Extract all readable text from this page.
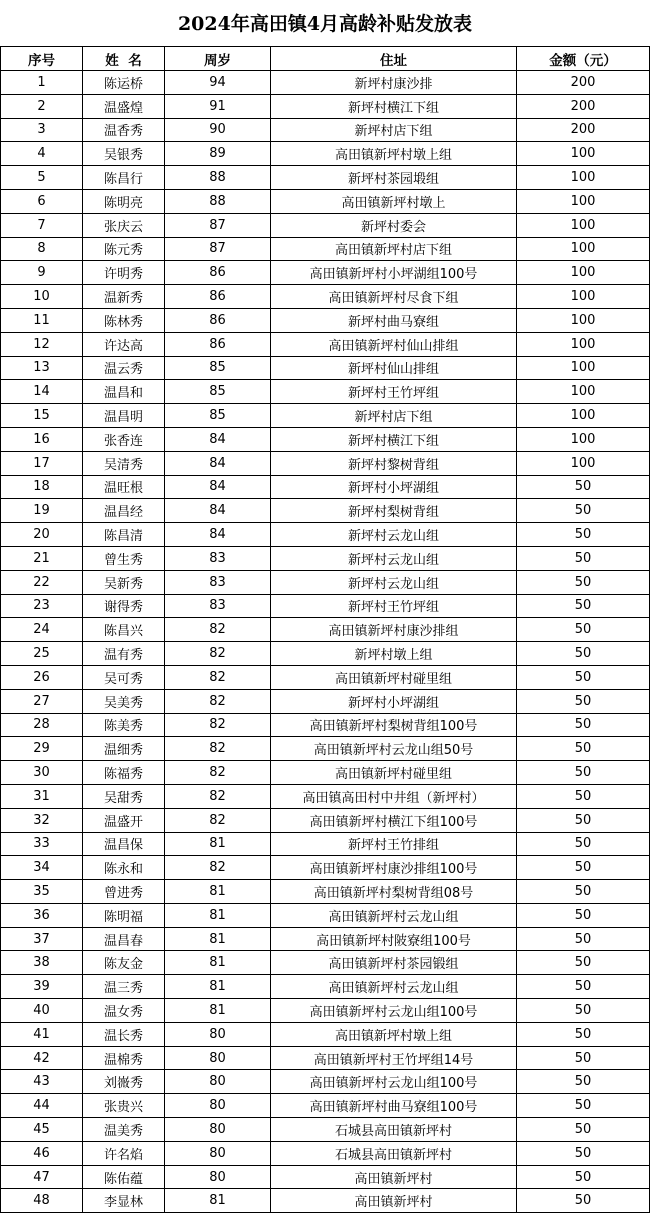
2024年高田镇4月高龄补贴发放表
序号	姓  名	周岁	住址	金额（元）
1	陈运桥	94	新坪村康沙排	200
2	温盛煌	91	新坪村横江下组	200
3	温香秀	90	新坪村店下组	200
4	吴银秀	89	高田镇新坪村墩上组	100
5	陈昌行	88	新坪村茶园塅组	100
6	陈明亮	88	高田镇新坪村墩上	100
7	张庆云	87	新坪村委会	100
8	陈元秀	87	高田镇新坪村店下组	100
9	许明秀	86	高田镇新坪村小坪湖组100号	100
10	温新秀	86	高田镇新坪村尽食下组	100
11	陈林秀	86	新坪村曲马寮组	100
12	许达高	86	高田镇新坪村仙山排组	100
13	温云秀	85	新坪村仙山排组	100
14	温昌和	85	新坪村王竹坪组	100
15	温昌明	85	新坪村店下组	100
16	张香连	84	新坪村横江下组	100
17	吴清秀	84	新坪村黎树背组	100
18	温旺根	84	新坪村小坪湖组	50
19	温昌经	84	新坪村梨树背组	50
20	陈昌清	84	新坪村云龙山组	50
21	曾生秀	83	新坪村云龙山组	50
22	吴新秀	83	新坪村云龙山组	50
23	谢得秀	83	新坪村王竹坪组	50
24	陈昌兴	82	高田镇新坪村康沙排组	50
25	温有秀	82	新坪村墩上组	50
26	吴可秀	82	高田镇新坪村碰里组	50
27	吴美秀	82	新坪村小坪湖组	50
28	陈美秀	82	高田镇新坪村梨树背组100号	50
29	温细秀	82	高田镇新坪村云龙山组50号	50
30	陈福秀	82	高田镇新坪村碰里组	50
31	吴甜秀	82	高田镇高田村中井组（新坪村）	50
32	温盛开	82	高田镇新坪村横江下组100号	50
33	温昌保	81	新坪村王竹排组	50
34	陈永和	82	高田镇新坪村康沙排组100号	50
35	曾进秀	81	高田镇新坪村梨树背组08号	50
36	陈明福	81	高田镇新坪村云龙山组	50
37	温昌春	81	高田镇新坪村陂寮组100号	50
38	陈友金	81	高田镇新坪村茶园锻组	50
39	温三秀	81	高田镇新坪村云龙山组	50
40	温女秀	81	高田镇新坪村云龙山组100号	50
41	温长秀	80	高田镇新坪村墩上组	50
42	温棉秀	80	高田镇新坪村王竹坪组14号	50
43	刘嶶秀	80	高田镇新坪村云龙山组100号	50
44	张贵兴	80	高田镇新坪村曲马寮组100号	50
45	温美秀	80	石城县高田镇新坪村	50
46	许名焰	80	石城县高田镇新坪村	50
47	陈佑蕴	80	高田镇新坪村	50
48	李显林	81	高田镇新坪村	50
